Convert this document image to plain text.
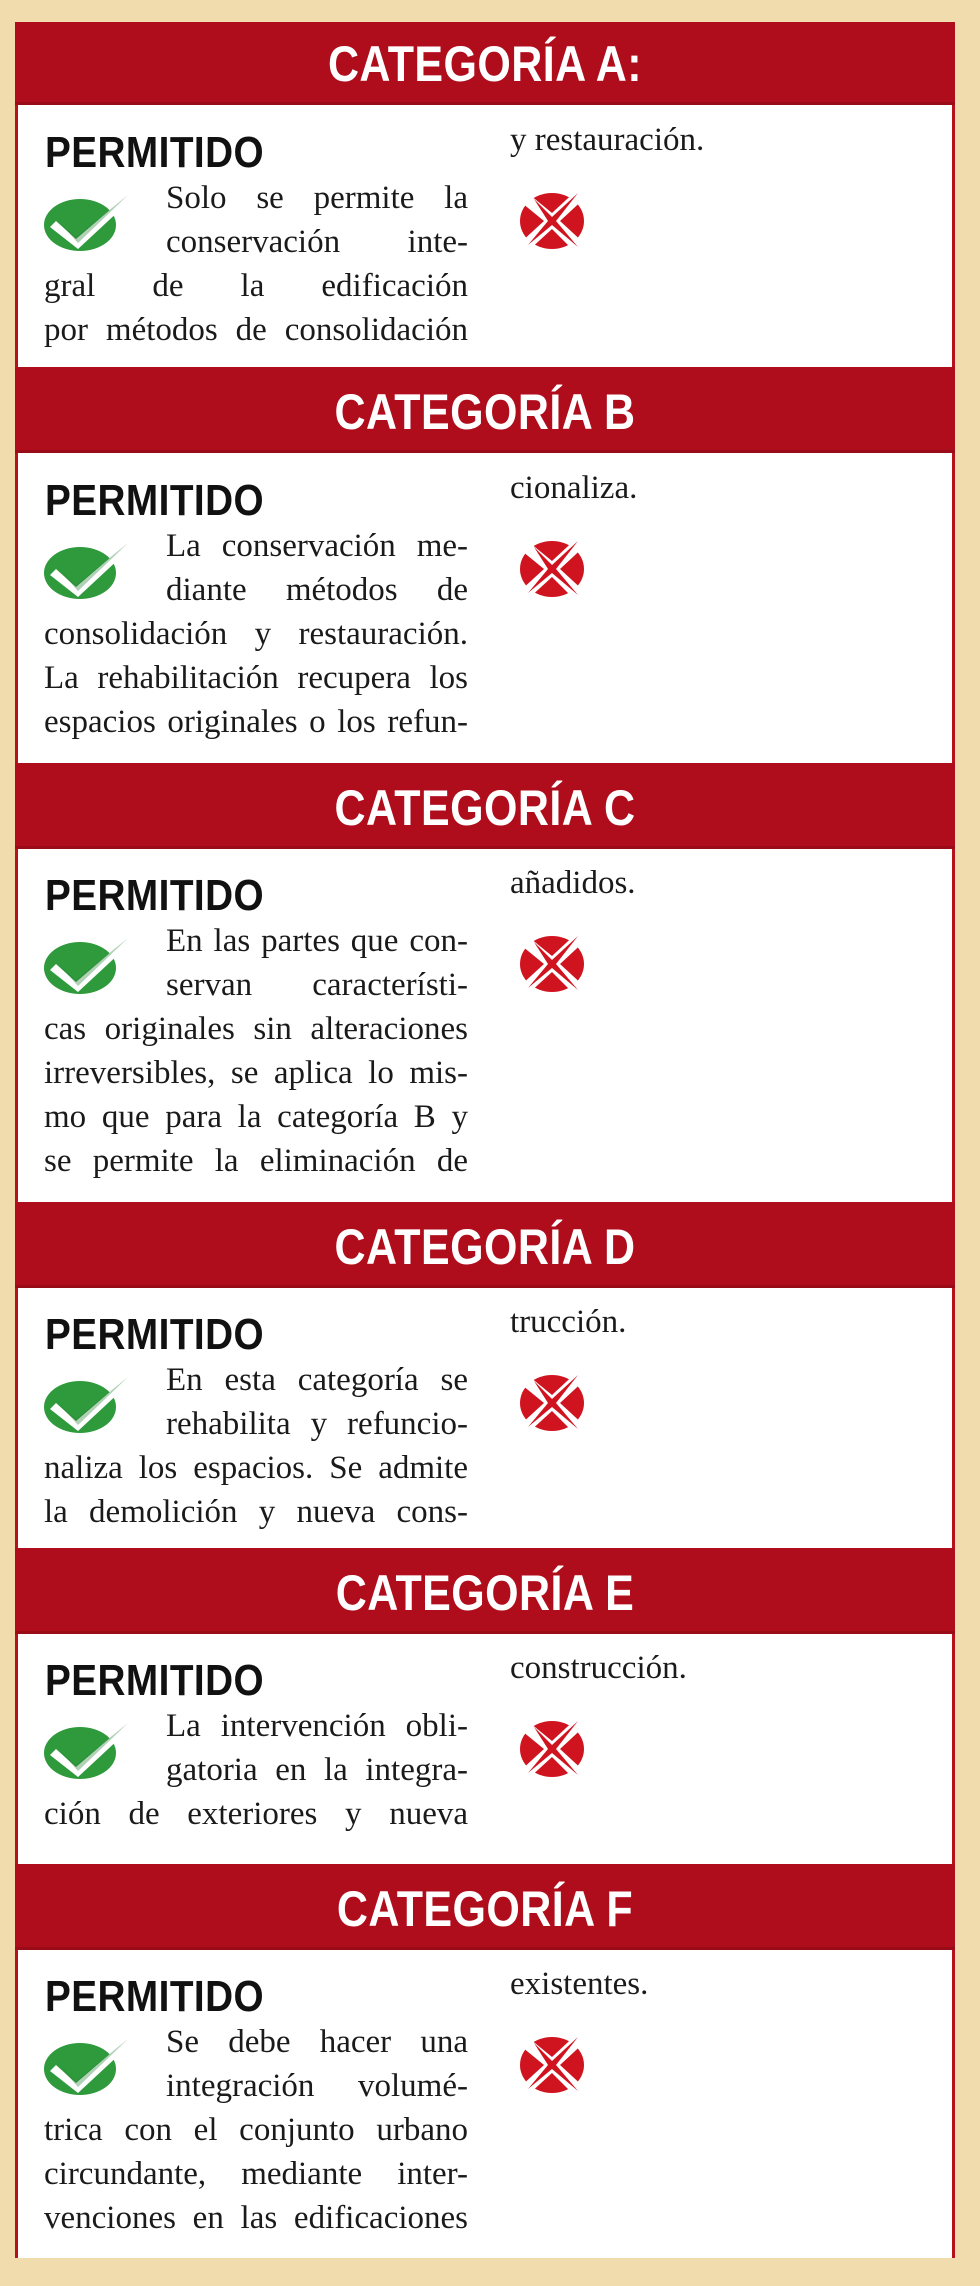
CATEGORÍA A:
PERMITIDO
Solo se permite la
conservación inte-
gral de la edificación
por métodos de consolidación
y restauración.
CATEGORÍA B
PERMITIDO
La conservación me-
diante métodos de
consolidación y restauración.
La rehabilitación recupera los
espacios originales o los refun-
cionaliza.
CATEGORÍA C
PERMITIDO
En las partes que con-
servan característi-
cas originales sin alteraciones
irreversibles, se aplica lo mis-
mo que para la categoría B y
se permite la eliminación de
añadidos.
CATEGORÍA D
PERMITIDO
En esta categoría se
rehabilita y refuncio-
naliza los espacios. Se admite
la demolición y nueva cons-
trucción.
CATEGORÍA E
PERMITIDO
La intervención obli-
gatoria en la integra-
ción de exteriores y nueva
construcción.
CATEGORÍA F
PERMITIDO
Se debe hacer una
integración volumé-
trica con el conjunto urbano
circundante, mediante inter-
venciones en las edificaciones
existentes.
